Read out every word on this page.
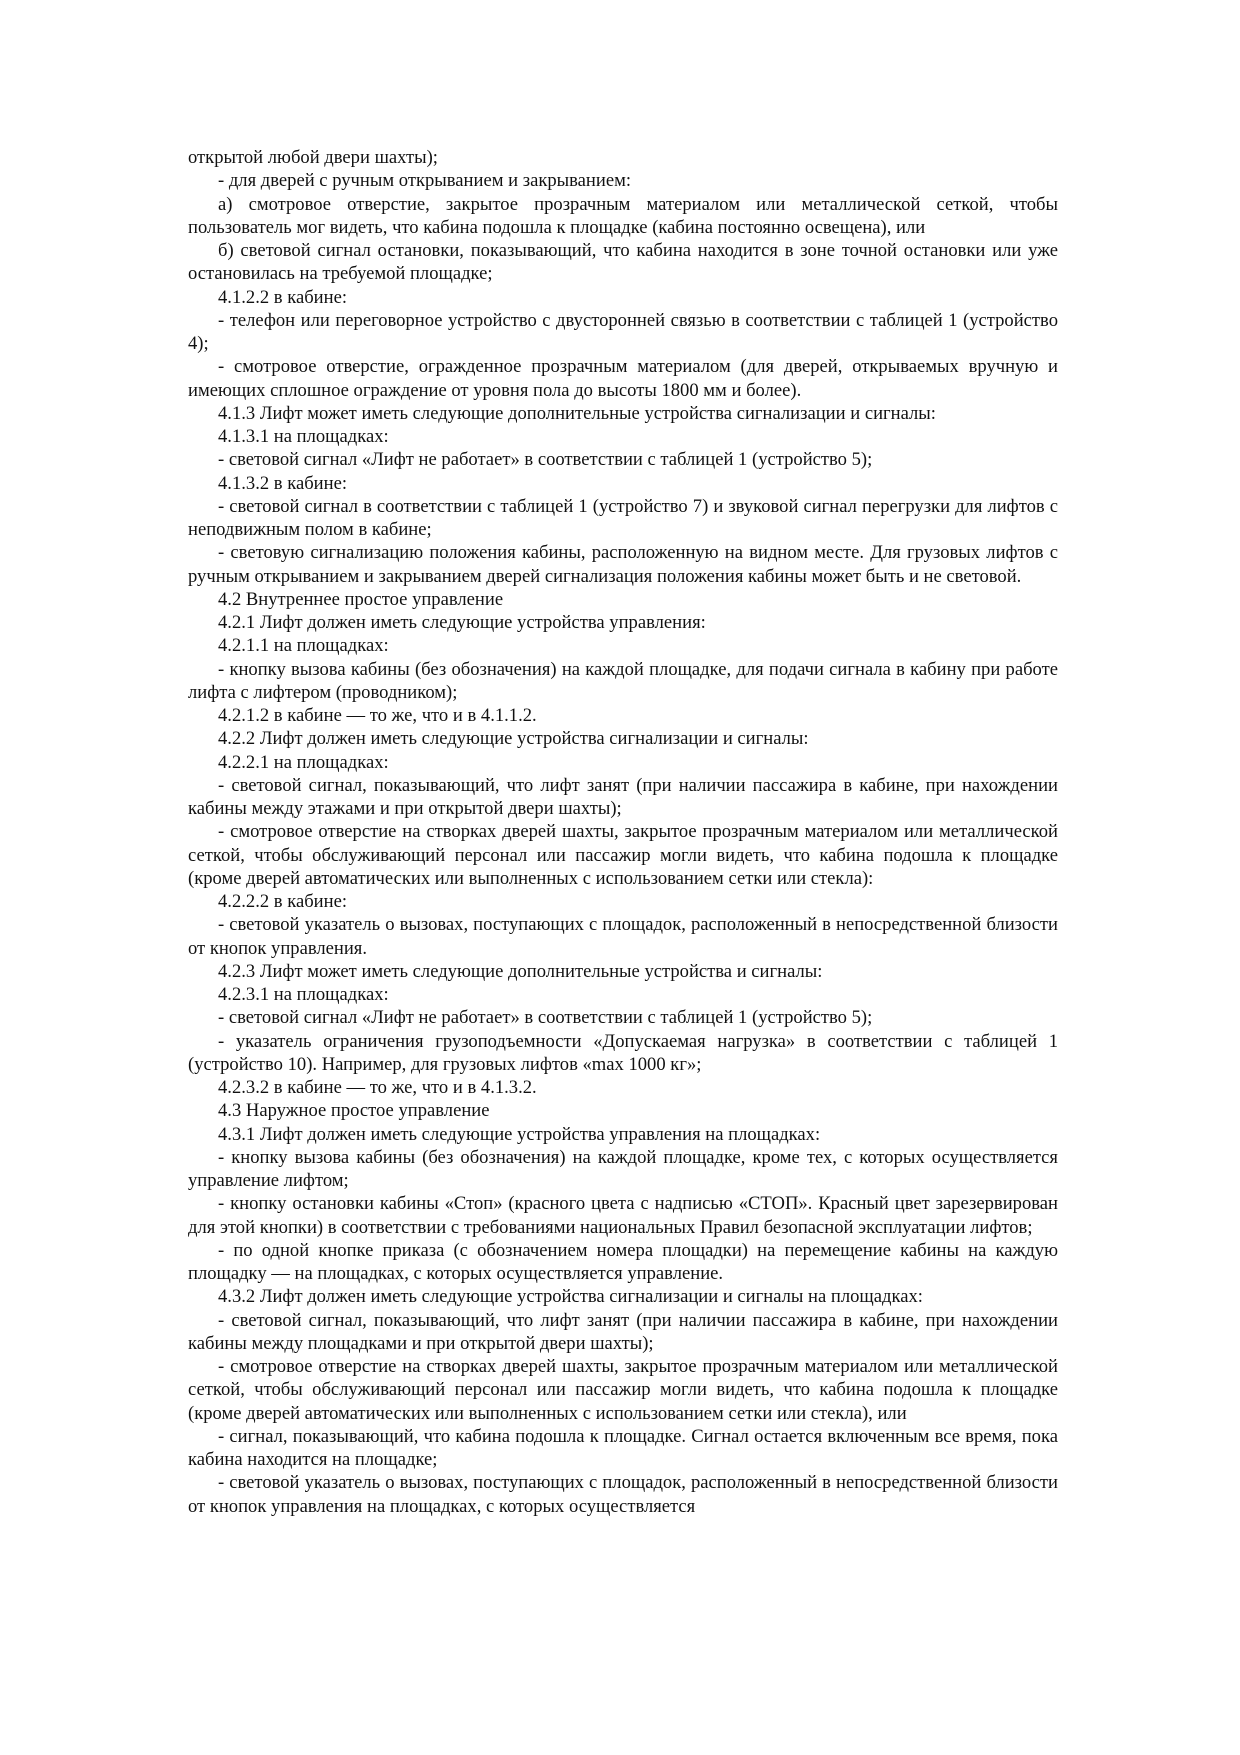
открытой любой двери шахты);

- для дверей с ручным открыванием и закрыванием:

а) смотровое отверстие, закрытое прозрачным материалом или металлической сеткой, чтобы пользователь мог видеть, что кабина подошла к площадке (кабина постоянно освещена), или

б) световой сигнал остановки, показывающий, что кабина находится в зоне точной остановки или уже остановилась на требуемой площадке;

4.1.2.2 в кабине:

- телефон или переговорное устройство с двусторонней связью в соответствии с таблицей 1 (устройство 4);

- смотровое отверстие, огражденное прозрачным материалом (для дверей, открываемых вручную и имеющих сплошное ограждение от уровня пола до высоты 1800 мм и более).

4.1.3 Лифт может иметь следующие дополнительные устройства сигнализации и сигналы:

4.1.3.1 на площадках:

- световой сигнал «Лифт не работает» в соответствии с таблицей 1 (устройство 5);

4.1.3.2 в кабине:

- световой сигнал в соответствии с таблицей 1 (устройство 7) и звуковой сигнал перегрузки для лифтов с неподвижным полом в кабине;

- световую сигнализацию положения кабины, расположенную на видном месте. Для грузовых лифтов с ручным открыванием и закрыванием дверей сигнализация положения кабины может быть и не световой.

4.2 Внутреннее простое управление

4.2.1 Лифт должен иметь следующие устройства управления:

4.2.1.1 на площадках:

- кнопку вызова кабины (без обозначения) на каждой площадке, для подачи сигнала в кабину при работе лифта с лифтером (проводником);

4.2.1.2 в кабине — то же, что и в 4.1.1.2.

4.2.2 Лифт должен иметь следующие устройства сигнализации и сигналы:

4.2.2.1 на площадках:

- световой сигнал, показывающий, что лифт занят (при наличии пассажира в кабине, при нахождении кабины между этажами и при открытой двери шахты);

- смотровое отверстие на створках дверей шахты, закрытое прозрачным материалом или металлической сеткой, чтобы обслуживающий персонал или пассажир могли видеть, что кабина подошла к площадке (кроме дверей автоматических или выполненных с использованием сетки или стекла):

4.2.2.2 в кабине:

- световой указатель о вызовах, поступающих с площадок, расположенный в непосредственной близости от кнопок управления.

4.2.3 Лифт может иметь следующие дополнительные устройства и сигналы:

4.2.3.1 на площадках:

- световой сигнал «Лифт не работает» в соответствии с таблицей 1 (устройство 5);

- указатель ограничения грузоподъемности «Допускаемая нагрузка» в соответствии с таблицей 1 (устройство 10). Например, для грузовых лифтов «max 1000 кг»;

4.2.3.2 в кабине — то же, что и в 4.1.3.2.

4.3 Наружное простое управление

4.3.1 Лифт должен иметь следующие устройства управления на площадках:

- кнопку вызова кабины (без обозначения) на каждой площадке, кроме тех, с которых осуществляется управление лифтом;

- кнопку остановки кабины «Стоп» (красного цвета с надписью «СТОП». Красный цвет зарезервирован для этой кнопки) в соответствии с требованиями национальных Правил безопасной эксплуатации лифтов;

- по одной кнопке приказа (с обозначением номера площадки) на перемещение кабины на каждую площадку — на площадках, с которых осуществляется управление.

4.3.2 Лифт должен иметь следующие устройства сигнализации и сигналы на площадках:

- световой сигнал, показывающий, что лифт занят (при наличии пассажира в кабине, при нахождении кабины между площадками и при открытой двери шахты);

- смотровое отверстие на створках дверей шахты, закрытое прозрачным материалом или металлической сеткой, чтобы обслуживающий персонал или пассажир могли видеть, что кабина подошла к площадке (кроме дверей автоматических или выполненных с использованием сетки или стекла), или

- сигнал, показывающий, что кабина подошла к площадке. Сигнал остается включенным все время, пока кабина находится на площадке;

- световой указатель о вызовах, поступающих с площадок, расположенный в непосредственной близости от кнопок управления на площадках, с которых осуществляется
